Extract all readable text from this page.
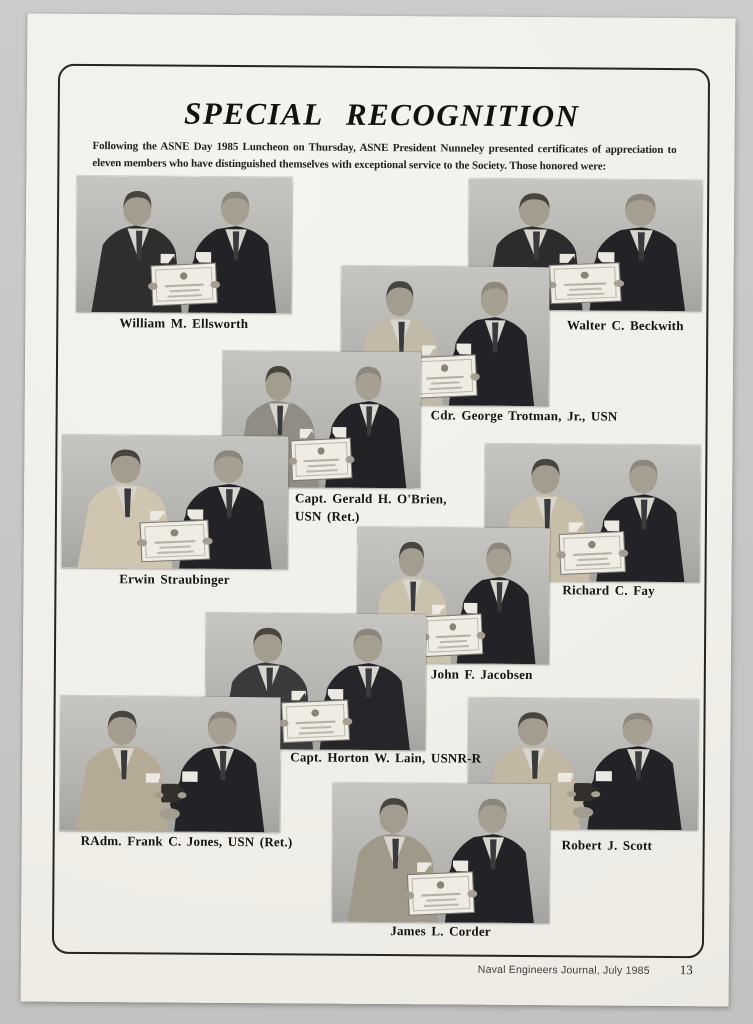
SPECIAL RECOGNITION

Following the ASNE Day 1985 Luncheon on Thursday, ASNE President Nunneley presented certificates of appreciation to eleven members who have distinguished themselves with exceptional service to the Society. Those honored were:

William M. Ellsworth	Walter C. Beckwith
Cdr. George Trotman, Jr., USN
Capt. Gerald H. O'Brien, USN (Ret.)
Erwin Straubinger
Richard C. Fay
John F. Jacobsen
Capt. Horton W. Lain, USNR-R
RAdm. Frank C. Jones, USN (Ret.)	Robert J. Scott
James L. Corder
Naval Engineers Journal, July 1985 13
